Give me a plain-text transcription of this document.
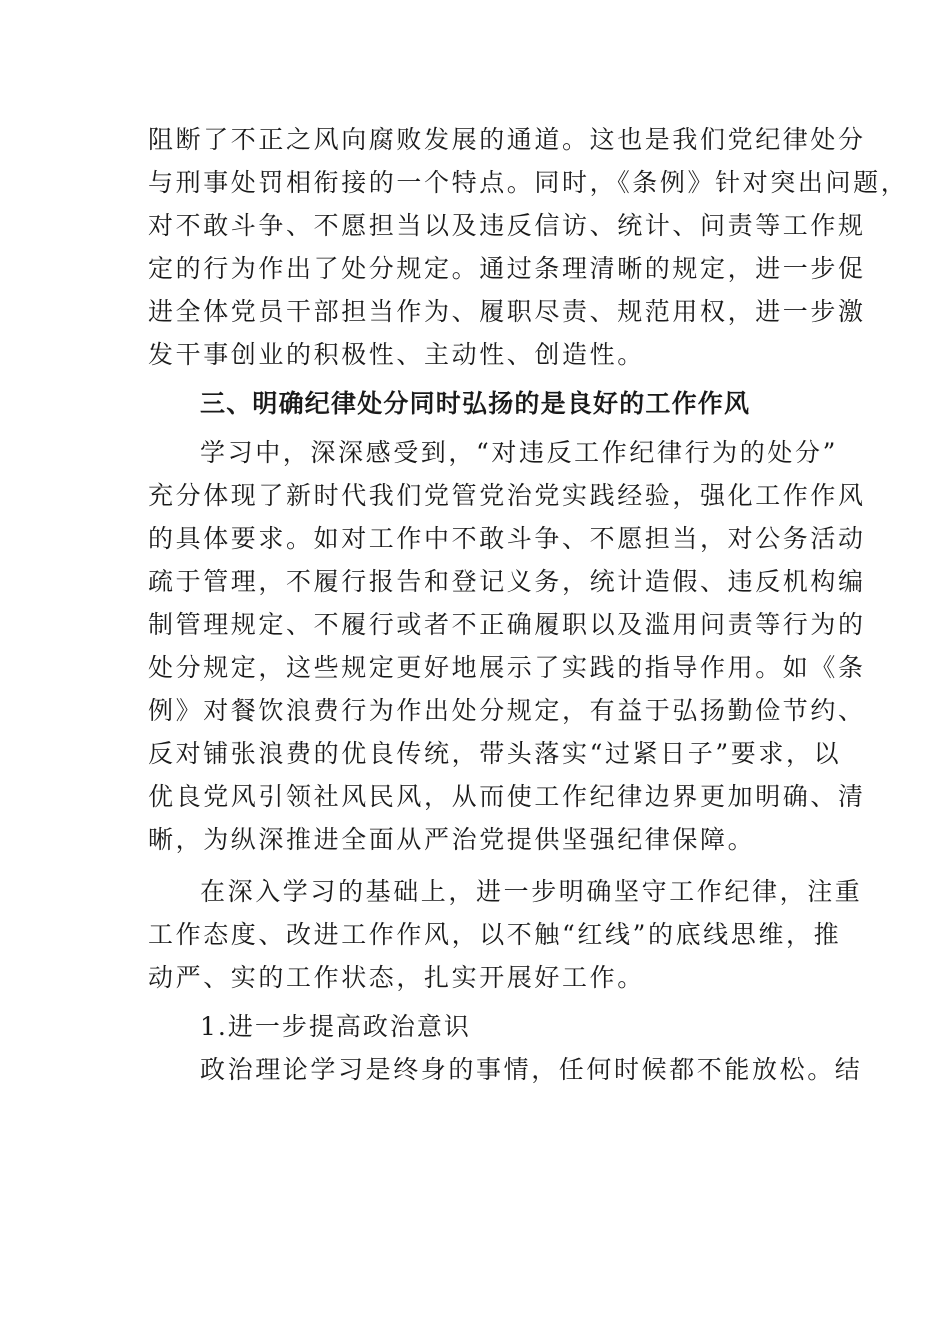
阻断了不正之风向腐败发展的通道。这也是我们党纪律处分
与刑事处罚相衔接的一个特点。同时，《条例》针对突出问题，
对不敢斗争、不愿担当以及违反信访、统计、问责等工作规
定的行为作出了处分规定。通过条理清晰的规定，进一步促
进全体党员干部担当作为、履职尽责、规范用权，进一步激
发干事创业的积极性、主动性、创造性。
三、明确纪律处分同时弘扬的是良好的工作作风
学习中，深深感受到，“对违反工作纪律行为的处分”
充分体现了新时代我们党管党治党实践经验，强化工作作风
的具体要求。如对工作中不敢斗争、不愿担当，对公务活动
疏于管理，不履行报告和登记义务，统计造假、违反机构编
制管理规定、不履行或者不正确履职以及滥用问责等行为的
处分规定，这些规定更好地展示了实践的指导作用。如《条
例》对餐饮浪费行为作出处分规定，有益于弘扬勤俭节约、
反对铺张浪费的优良传统，带头落实“过紧日子”要求，以
优良党风引领社风民风，从而使工作纪律边界更加明确、清
晰，为纵深推进全面从严治党提供坚强纪律保障。
在深入学习的基础上，进一步明确坚守工作纪律，注重
工作态度、改进工作作风，以不触“红线”的底线思维，推
动严、实的工作状态，扎实开展好工作。
1.进一步提高政治意识
政治理论学习是终身的事情，任何时候都不能放松。结
